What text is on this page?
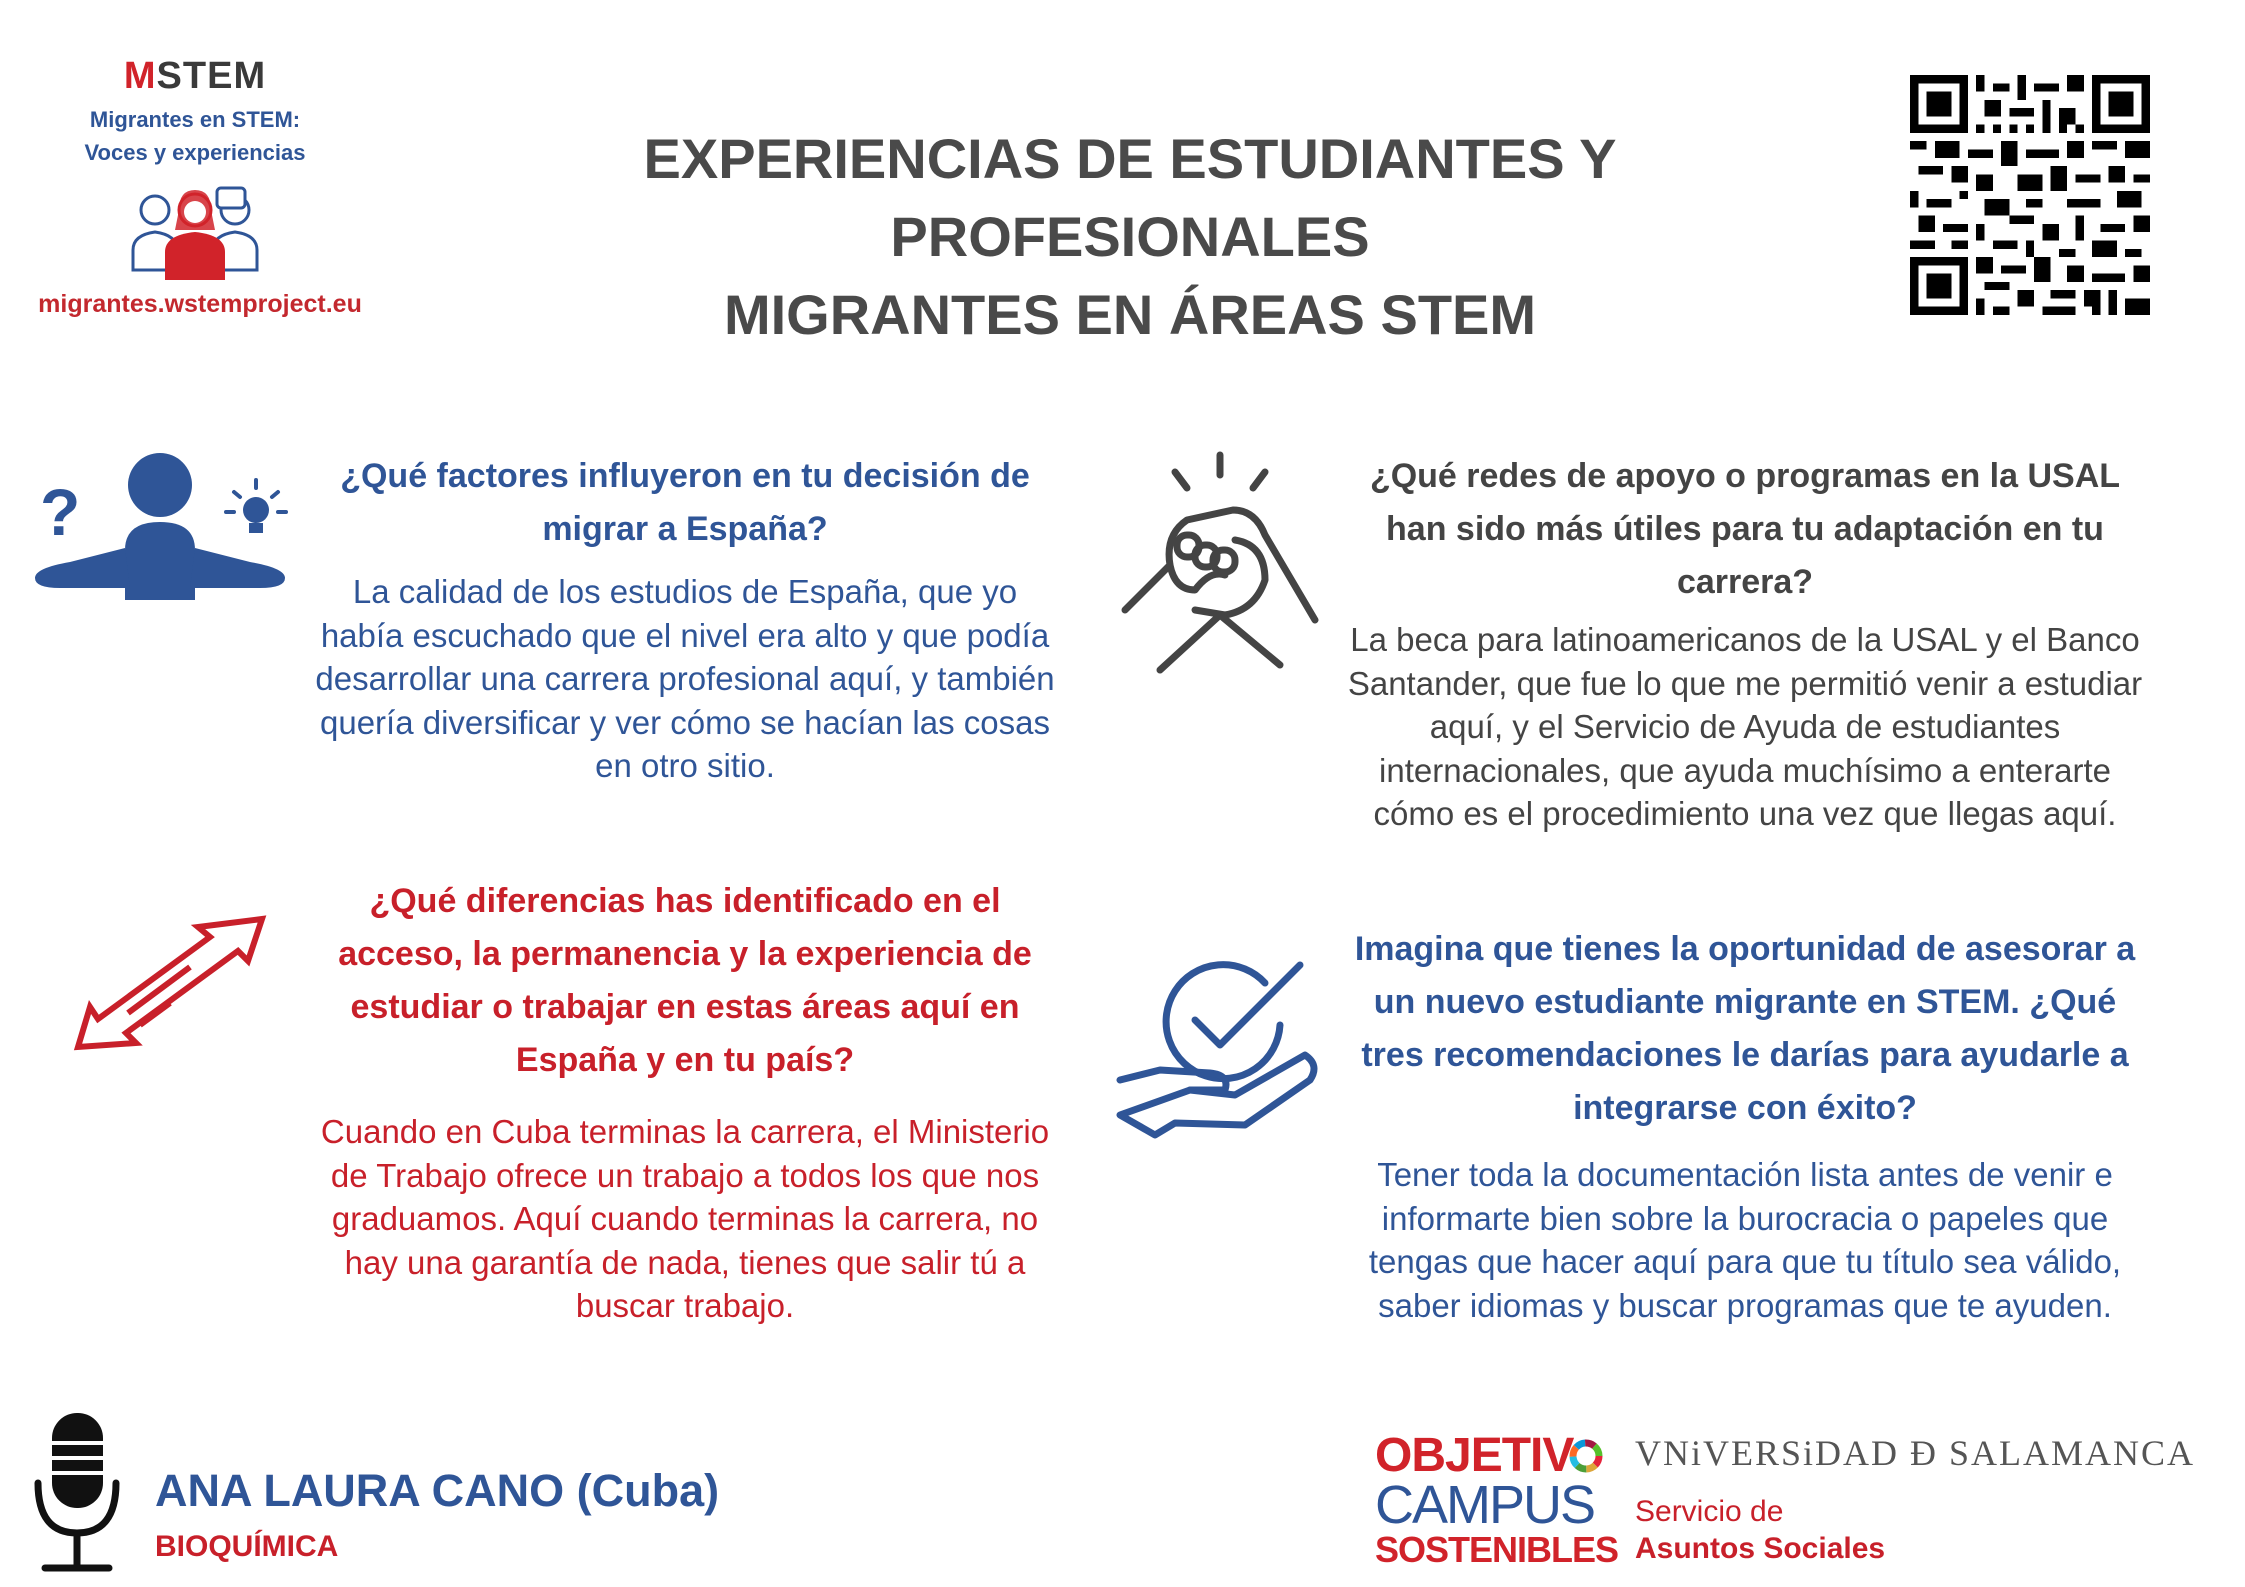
MSTEM
Migrantes en STEM:
Voces y experiencias
migrantes.wstemproject.eu
EXPERIENCIAS DE ESTUDIANTES Y PROFESIONALES
MIGRANTES EN ÁREAS STEM
?	¿Qué factores influyeron en tu decisión de migrar a España?
La calidad de los estudios de España, que yo había escuchado que el nivel era alto y que podía desarrollar una carrera profesional aquí, y también quería diversificar y ver cómo se hacían las cosas en otro sitio.
¿Qué redes de apoyo o programas en la USAL han sido más útiles para tu adaptación en tu carrera?
La beca para latinoamericanos de la USAL y el Banco Santander, que fue lo que me permitió venir a estudiar aquí, y el Servicio de Ayuda de estudiantes internacionales, que ayuda muchísimo a enterarte cómo es el procedimiento una vez que llegas aquí.
¿Qué diferencias has identificado en el acceso, la permanencia y la experiencia de estudiar o trabajar en estas áreas aquí en España y en tu país?
Cuando en Cuba terminas la carrera, el Ministerio de Trabajo ofrece un trabajo a todos los que nos graduamos. Aquí cuando terminas la carrera, no hay una garantía de nada, tienes que salir tú a buscar trabajo.
Imagina que tienes la oportunidad de asesorar a un nuevo estudiante migrante en STEM. ¿Qué tres recomendaciones le darías para ayudarle a integrarse con éxito?
Tener toda la documentación lista antes de venir e informarte bien sobre la burocracia o papeles que tengas que hacer aquí para que tu título sea válido, saber idiomas y buscar programas que te ayuden.
ANA LAURA CANO (Cuba)
BIOQUÍMICA
OBJETIV
CAMPUS
SOSTENIBLES
VNiVERSiDAD Ð SALAMANCA
Servicio de
Asuntos Sociales
